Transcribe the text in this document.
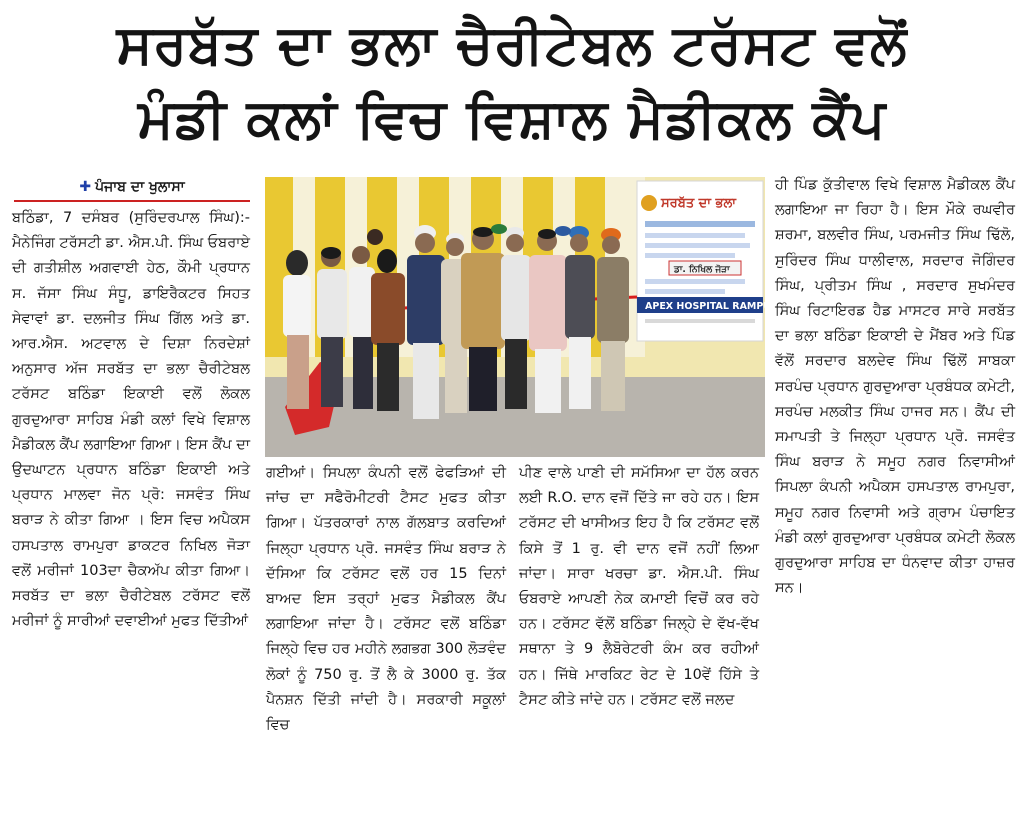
ਸਰਬੱਤ ਦਾ ਭਲਾ ਚੈਰੀਟੇਬਲ ਟਰੱਸਟ ਵਲੋਂ
ਮੰਡੀ ਕਲਾਂ ਵਿਚ ਵਿਸ਼ਾਲ ਮੈਡੀਕਲ ਕੈਂਪ
✚ ਪੰਜਾਬ ਦਾ ਖੁਲਾਸਾ

ਬਠਿੰਡਾ, 7 ਦਸੰਬਰ (ਸੁਰਿੰਦਰਪਾਲ ਸਿੰਘ):- ਮੈਨੇਜਿੰਗ ਟਰੱਸਟੀ ਡਾ. ਐਸ.ਪੀ. ਸਿੰਘ ਓਬਰਾਏ ਦੀ ਗਤੀਸ਼ੀਲ ਅਗਵਾਈ ਹੇਠ, ਕੌਮੀ ਪ੍ਰਧਾਨ ਸ. ਜੱਸਾ ਸਿੰਘ ਸੰਧੂ, ਡਾਇਰੈਕਟਰ ਸਿਹਤ ਸੇਵਾਵਾਂ ਡਾ. ਦਲਜੀਤ ਸਿੰਘ ਗਿੱਲ ਅਤੇ ਡਾ. ਆਰ.ਐਸ. ਅਟਵਾਲ ਦੇ ਦਿਸ਼ਾ ਨਿਰਦੇਸ਼ਾਂ ਅਨੁਸਾਰ ਅੱਜ ਸਰਬੱਤ ਦਾ ਭਲਾ ਚੈਰੀਟੇਬਲ ਟਰੱਸਟ ਬਠਿੰਡਾ ਇਕਾਈ ਵਲੋਂ ਲੋਕਲ ਗੁਰਦੁਆਰਾ ਸਾਹਿਬ ਮੰਡੀ ਕਲਾਂ ਵਿਖੇ ਵਿਸ਼ਾਲ ਮੈਡੀਕਲ ਕੈਂਪ ਲਗਾਇਆ ਗਿਆ। ਇਸ ਕੈਂਪ ਦਾ ਉਦਘਾਟਨ ਪ੍ਰਧਾਨ ਬਠਿੰਡਾ ਇਕਾਈ ਅਤੇ ਪ੍ਰਧਾਨ ਮਾਲਵਾ ਜੋਨ ਪ੍ਰੋ: ਜਸਵੰਤ ਸਿੰਘ ਬਰਾੜ ਨੇ ਕੀਤਾ ਗਿਆ । ਇਸ ਵਿਚ ਅਪੈਕਸ ਹਸਪਤਾਲ ਰਾਮਪੁਰਾ ਡਾਕਟਰ ਨਿਖਿਲ ਜੋੜਾ ਵਲੋਂ ਮਰੀਜਾਂ 103ਦਾ ਚੈਕਅੱਪ ਕੀਤਾ ਗਿਆ। ਸਰਬੱਤ ਦਾ ਭਲਾ ਚੈਰੀਟੇਬਲ ਟਰੱਸਟ ਵਲੋਂ ਮਰੀਜਾਂ ਨੂੰ ਸਾਰੀਆਂ ਦਵਾਈਆਂ ਮੁਫਤ ਦਿੱਤੀਆਂ

ਸਰਬੱਤ ਦਾ ਭਲਾ
ਡਾ. ਨਿਖਿਲ ਜੋੜਾ
APEX HOSPITAL RAMPURA

ਗਈਆਂ। ਸਿਪਲਾ ਕੰਪਨੀ ਵਲੋਂ ਫੇਫੜਿਆਂ ਦੀ ਜਾਂਚ ਦਾ ਸਫੈਰੋਮੀਟਰੀ ਟੈਸਟ ਮੁਫਤ ਕੀਤਾ ਗਿਆ। ਪੱਤਰਕਾਰਾਂ ਨਾਲ ਗੱਲਬਾਤ ਕਰਦਿਆਂ ਜਿਲ੍ਹਾ ਪ੍ਰਧਾਨ ਪ੍ਰੋ. ਜਸਵੰਤ ਸਿੰਘ ਬਰਾੜ ਨੇ ਦੱਸਿਆ ਕਿ ਟਰੱਸਟ ਵਲੋਂ ਹਰ 15 ਦਿਨਾਂ ਬਾਅਦ ਇਸ ਤਰ੍ਹਾਂ ਮੁਫਤ ਮੈਡੀਕਲ ਕੈਂਪ ਲਗਾਇਆ ਜਾਂਦਾ ਹੈ। ਟਰੱਸਟ ਵਲੋਂ ਬਠਿੰਡਾ ਜਿਲ੍ਹੇ ਵਿਚ ਹਰ ਮਹੀਨੇ ਲਗਭਗ 300 ਲੋੜਵੰਦ ਲੋਕਾਂ ਨੂੰ 750 ਰੁ. ਤੋਂ ਲੈ ਕੇ 3000 ਰੁ. ਤੱਕ ਪੈਨਸ਼ਨ ਦਿੱਤੀ ਜਾਂਦੀ ਹੈ। ਸਰਕਾਰੀ ਸਕੂਲਾਂ ਵਿਚ

ਪੀਣ ਵਾਲੇ ਪਾਣੀ ਦੀ ਸਮੱਸਿਆ ਦਾ ਹੱਲ ਕਰਨ ਲਈ R.O. ਦਾਨ ਵਜੋਂ ਦਿੱਤੇ ਜਾ ਰਹੇ ਹਨ। ਇਸ ਟਰੱਸਟ ਦੀ ਖਾਸੀਅਤ ਇਹ ਹੈ ਕਿ ਟਰੱਸਟ ਵਲੋਂ ਕਿਸੇ ਤੋਂ 1 ਰੁ. ਵੀ ਦਾਨ ਵਜੋਂ ਨਹੀਂ ਲਿਆ ਜਾਂਦਾ। ਸਾਰਾ ਖਰਚਾ ਡਾ. ਐਸ.ਪੀ. ਸਿੰਘ ਓਬਰਾਏ ਆਪਣੀ ਨੇਕ ਕਮਾਈ ਵਿਚੋਂ ਕਰ ਰਹੇ ਹਨ। ਟਰੱਸਟ ਵੱਲੋਂ ਬਠਿੰਡਾ ਜਿਲ੍ਹੇ ਦੇ ਵੱਖ-ਵੱਖ ਸਥਾਨਾ ਤੇ 9 ਲੈਬੋਰੇਟਰੀ ਕੰਮ ਕਰ ਰਹੀਆਂ ਹਨ। ਜਿੱਥੇ ਮਾਰਕਿਟ ਰੇਟ ਦੇ 10ਵੇਂ ਹਿੱਸੇ ਤੇ ਟੈਸਟ ਕੀਤੇ ਜਾਂਦੇ ਹਨ। ਟਰੱਸਟ ਵਲੋਂ ਜਲਦ

ਹੀ ਪਿੰਡ ਕੁੱਤੀਵਾਲ ਵਿਖੇ ਵਿਸ਼ਾਲ ਮੈਡੀਕਲ ਕੈਂਪ ਲਗਾਇਆ ਜਾ ਰਿਹਾ ਹੈ। ਇਸ ਮੌਕੇ ਰਘਵੀਰ ਸ਼ਰਮਾ, ਬਲਵੀਰ ਸਿੰਘ, ਪਰਮਜੀਤ ਸਿੰਘ ਢਿੱਲੋ, ਸੁਰਿੰਦਰ ਸਿੰਘ ਧਾਲੀਵਾਲ, ਸਰਦਾਰ ਜੋਗਿੰਦਰ ਸਿੰਘ, ਪ੍ਰੀਤਮ ਸਿੰਘ , ਸਰਦਾਰ ਸੁਖਮੰਦਰ ਸਿੰਘ ਰਿਟਾਇਰਡ ਹੈਡ ਮਾਸਟਰ ਸਾਰੇ ਸਰਬੱਤ ਦਾ ਭਲਾ ਬਠਿੰਡਾ ਇਕਾਈ ਦੇ ਮੈਂਬਰ ਅਤੇ ਪਿੰਡ ਵੱਲੋਂ ਸਰਦਾਰ ਬਲਦੇਵ ਸਿੰਘ ਢਿੱਲੋਂ ਸਾਬਕਾ ਸਰਪੰਚ ਪ੍ਰਧਾਨ ਗੁਰਦੁਆਰਾ ਪ੍ਰਬੰਧਕ ਕਮੇਟੀ, ਸਰਪੰਚ ਮਲਕੀਤ ਸਿੰਘ ਹਾਜਰ ਸਨ। ਕੈਂਪ ਦੀ ਸਮਾਪਤੀ ਤੇ ਜਿਲ੍ਹਾ ਪ੍ਰਧਾਨ ਪ੍ਰੋ. ਜਸਵੰਤ ਸਿੰਘ ਬਰਾੜ ਨੇ ਸਮੂਹ ਨਗਰ ਨਿਵਾਸੀਆਂ ਸਿਪਲਾ ਕੰਪਨੀ ਅਪੈਕਸ ਹਸਪਤਾਲ ਰਾਮਪੁਰਾ, ਸਮੂਹ ਨਗਰ ਨਿਵਾਸੀ ਅਤੇ ਗ੍ਰਾਮ ਪੰਚਾਇਤ ਮੰਡੀ ਕਲਾਂ ਗੁਰਦੁਆਰਾ ਪ੍ਰਬੰਧਕ ਕਮੇਟੀ ਲੋਕਲ ਗੁਰਦੁਆਰਾ ਸਾਹਿਬ ਦਾ ਧੰਨਵਾਦ ਕੀਤਾ ਹਾਜ਼ਰ ਸਨ।
